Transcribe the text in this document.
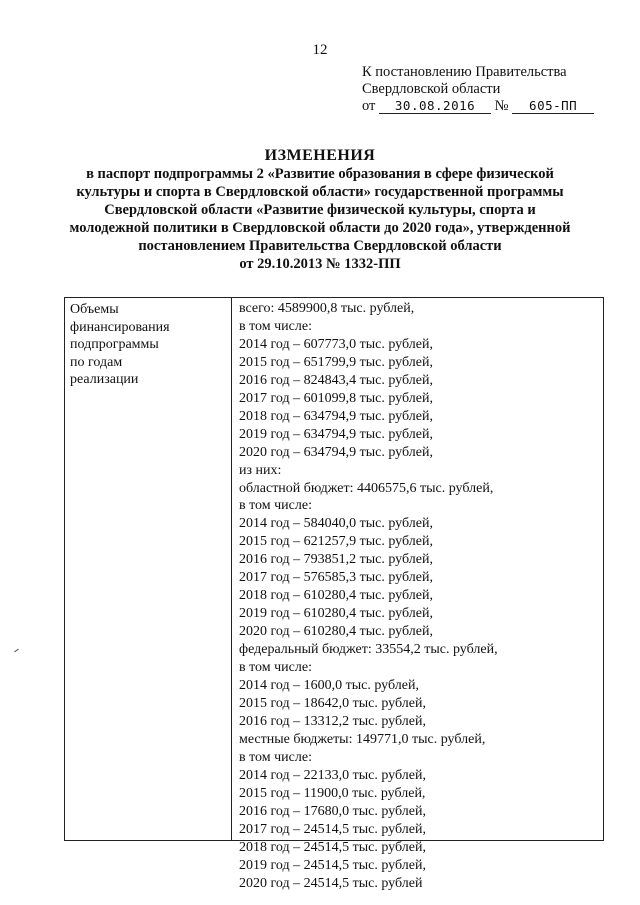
12
К постановлению Правительства
Свердловской области
от 30.08.2016 № 605-ПП
ИЗМЕНЕНИЯ
в паспорт подпрограммы 2 «Развитие образования в сфере физической
культуры и спорта в Свердловской области» государственной программы
Свердловской области «Развитие физической культуры, спорта и
молодежной политики в Свердловской области до 2020 года», утвержденной
постановлением Правительства Свердловской области
от 29.10.2013 № 1332-ПП
Объемы
финансирования
подпрограммы
по годам
реализации
всего: 4589900,8 тыс. рублей,
в том числе:
2014 год – 607773,0 тыс. рублей,
2015 год – 651799,9 тыс. рублей,
2016 год – 824843,4 тыс. рублей,
2017 год – 601099,8 тыс. рублей,
2018 год – 634794,9 тыс. рублей,
2019 год – 634794,9 тыс. рублей,
2020 год – 634794,9 тыс. рублей,
из них:
областной бюджет: 4406575,6 тыс. рублей,
в том числе:
2014 год – 584040,0 тыс. рублей,
2015 год – 621257,9 тыс. рублей,
2016 год – 793851,2 тыс. рублей,
2017 год – 576585,3 тыс. рублей,
2018 год – 610280,4 тыс. рублей,
2019 год – 610280,4 тыс. рублей,
2020 год – 610280,4 тыс. рублей,
федеральный бюджет: 33554,2 тыс. рублей,
в том числе:
2014 год – 1600,0 тыс. рублей,
2015 год – 18642,0 тыс. рублей,
2016 год – 13312,2 тыс. рублей,
местные бюджеты: 149771,0 тыс. рублей,
в том числе:
2014 год – 22133,0 тыс. рублей,
2015 год – 11900,0 тыс. рублей,
2016 год – 17680,0 тыс. рублей,
2017 год – 24514,5 тыс. рублей,
2018 год – 24514,5 тыс. рублей,
2019 год – 24514,5 тыс. рублей,
2020 год – 24514,5 тыс. рублей
